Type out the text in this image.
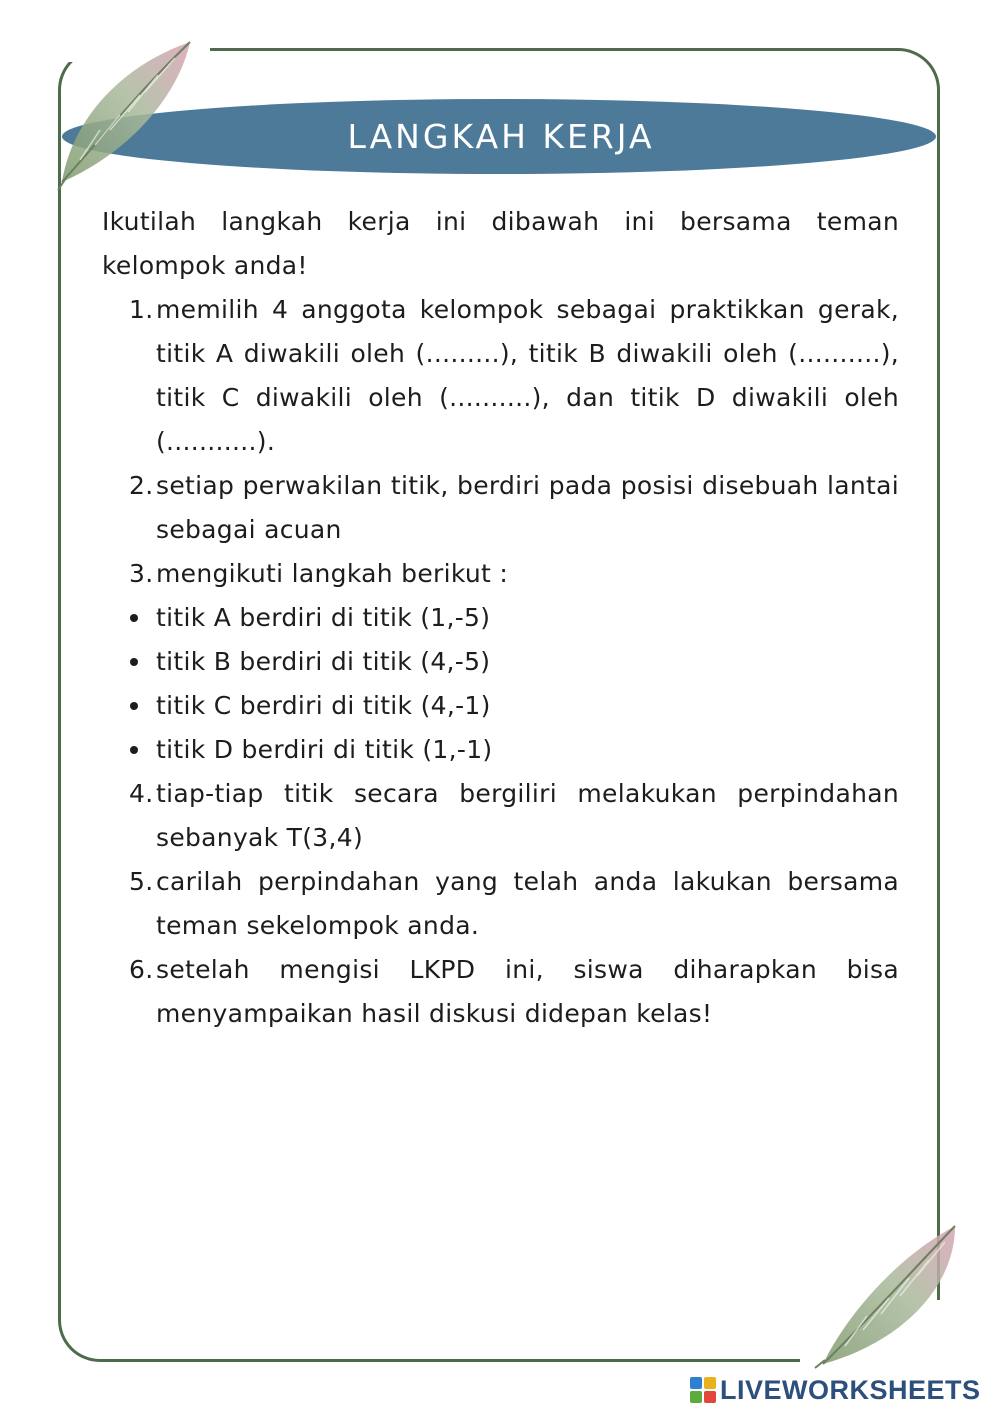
LANGKAH KERJA

Ikutilah langkah kerja ini dibawah ini bersama teman kelompok anda!

1. memilih 4 anggota kelompok sebagai praktikkan gerak, titik A diwakili oleh (.........), titik B diwakili oleh (..........), titik C diwakili oleh (..........), dan titik D diwakili oleh (...........).
2. setiap perwakilan titik, berdiri pada posisi disebuah lantai sebagai acuan
3. mengikuti langkah berikut :
titik A berdiri di titik (1,-5)
titik B berdiri di titik (4,-5)
titik C berdiri di titik (4,-1)
titik D berdiri di titik (1,-1)
4. tiap-tiap titik secara bergiliri melakukan perpindahan sebanyak T(3,4)
5. carilah perpindahan yang telah anda lakukan bersama teman sekelompok anda.
6. setelah mengisi LKPD ini, siswa diharapkan bisa menyampaikan hasil diskusi didepan kelas!
LIVEWORKSHEETS
